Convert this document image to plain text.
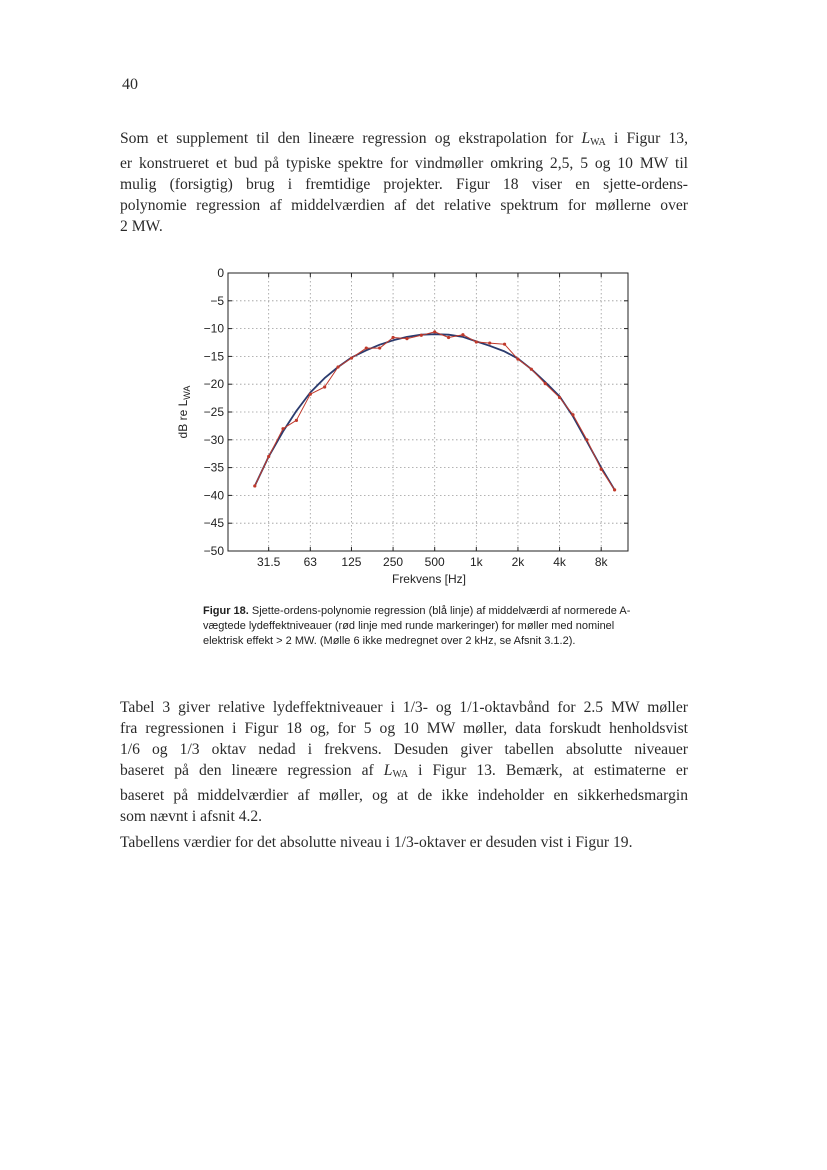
40
Som et supplement til den lineære regression og ekstrapolation for LWA i Figur 13,
er konstrueret et bud på typiske spektre for vindmøller omkring 2,5, 5 og 10 MW til
mulig (forsigtig) brug i fremtidige projekter. Figur 18 viser en sjette-ordens-
polynomie regression af middelværdien af det relative spektrum for møllerne over
2 MW.
0
−5
−10
−15
−20
−25
−30
−35
−40
−45
−50
31.5 63 125 250 500 1k 2k 4k 8k
Frekvens [Hz]
dB re $L_{WA}$
Figur 18. Sjette-ordens-polynomie regression (blå linje) af middelværdi af normerede A-vægtede lydeffektniveauer (rød linje med runde markeringer) for møller med nominel elektrisk effekt > 2 MW. (Mølle 6 ikke medregnet over 2 kHz, se Afsnit 3.1.2).
Tabel 3 giver relative lydeffektniveauer i 1/3- og 1/1-oktavbånd for 2.5 MW møller
fra regressionen i Figur 18 og, for 5 og 10 MW møller, data forskudt henholdsvist
1/6 og 1/3 oktav nedad i frekvens. Desuden giver tabellen absolutte niveauer
baseret på den lineære regression af LWA i Figur 13. Bemærk, at estimaterne er
baseret på middelværdier af møller, og at de ikke indeholder en sikkerhedsmargin
som nævnt i afsnit 4.2.
Tabellens værdier for det absolutte niveau i 1/3-oktaver er desuden vist i Figur 19.
